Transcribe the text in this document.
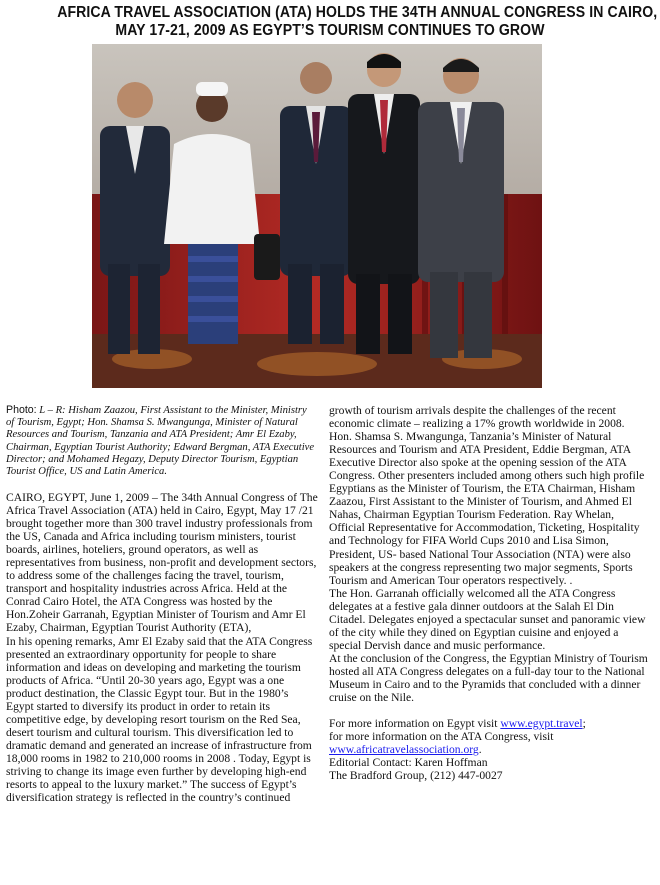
AFRICA TRAVEL ASSOCIATION (ATA) HOLDS THE 34TH ANNUAL CONGRESS IN CAIRO,
MAY 17-21, 2009 AS EGYPT’S TOURISM CONTINUES TO GROW
Photo: L – R: Hisham Zaazou, First Assistant to the Minister, Ministry of Tourism, Egypt; Hon. Shamsa S. Mwangunga, Minister of Natural Resources and Tourism, Tanzania and ATA President; Amr El Ezaby, Chairman, Egyptian Tourist Authority; Edward Bergman, ATA Executive Director; and Mohamed Hegazy, Deputy Director Tourism, Egyptian Tourist Office, US and Latin America.

CAIRO, EGYPT, June 1, 2009 – The 34th Annual Congress of The Africa Travel Association (ATA) held in Cairo, Egypt, May 17 /21 brought together more than 300 travel industry professionals from the US, Canada and Africa including tourism ministers, tourist boards, airlines, hoteliers, ground operators, as well as representatives from business, non-profit and development sectors, to address some of the challenges facing the travel, tourism, transport and hospitality industries across Africa. Held at the Conrad Cairo Hotel, the ATA Congress was hosted by the Hon.Zoheir Garranah, Egyptian Minister of Tourism and Amr El Ezaby, Chairman, Egyptian Tourist Authority (ETA),

In his opening remarks, Amr El Ezaby said that the ATA Congress presented an extraordinary opportunity for people to share information and ideas on developing and marketing the tourism products of Africa. “Until 20-30 years ago, Egypt was a one product destination, the Classic Egypt tour. But in the 1980’s Egypt started to diversify its product in order to retain its competitive edge, by developing resort tourism on the Red Sea, desert tourism and cultural tourism. This diversification led to dramatic demand and generated an increase of infrastructure from 18,000 rooms in 1982 to 210,000 rooms in 2008 . Today, Egypt is striving to change its image even further by developing high-end resorts to appeal to the luxury market.” The success of Egypt’s diversification strategy is reflected in the country’s continued

growth of tourism arrivals despite the challenges of the recent economic climate – realizing a 17% growth worldwide in 2008.

Hon. Shamsa S. Mwangunga, Tanzania’s Minister of Natural Resources and Tourism and ATA President, Eddie Bergman, ATA Executive Director also spoke at the opening session of the ATA Congress. Other presenters included among others such high profile Egyptians as the Minister of Tourism, the ETA Chairman, Hisham Zaazou, First Assistant to the Minister of Tourism, and Ahmed El Nahas, Chairman Egyptian Tourism Federation. Ray Whelan, Official Representative for Accommodation, Ticketing, Hospitality and Technology for FIFA World Cups 2010 and Lisa Simon, President, US- based National Tour Association (NTA) were also speakers at the congress representing two major segments, Sports Tourism and American Tour operators respectively. .

The Hon. Garranah officially welcomed all the ATA Congress delegates at a festive gala dinner outdoors at the Salah El Din Citadel. Delegates enjoyed a spectacular sunset and panoramic view of the city while they dined on Egyptian cuisine and enjoyed a special Dervish dance and music performance.

At the conclusion of the Congress, the Egyptian Ministry of Tourism hosted all ATA Congress delegates on a full-day tour to the National Museum in Cairo and to the Pyramids that concluded with a dinner cruise on the Nile.

For more information on Egypt visit www.egypt.travel;

for more information on the ATA Congress, visit www.africatravelassociation.org.

Editorial Contact: Karen Hoffman

The Bradford Group, (212) 447-0027
